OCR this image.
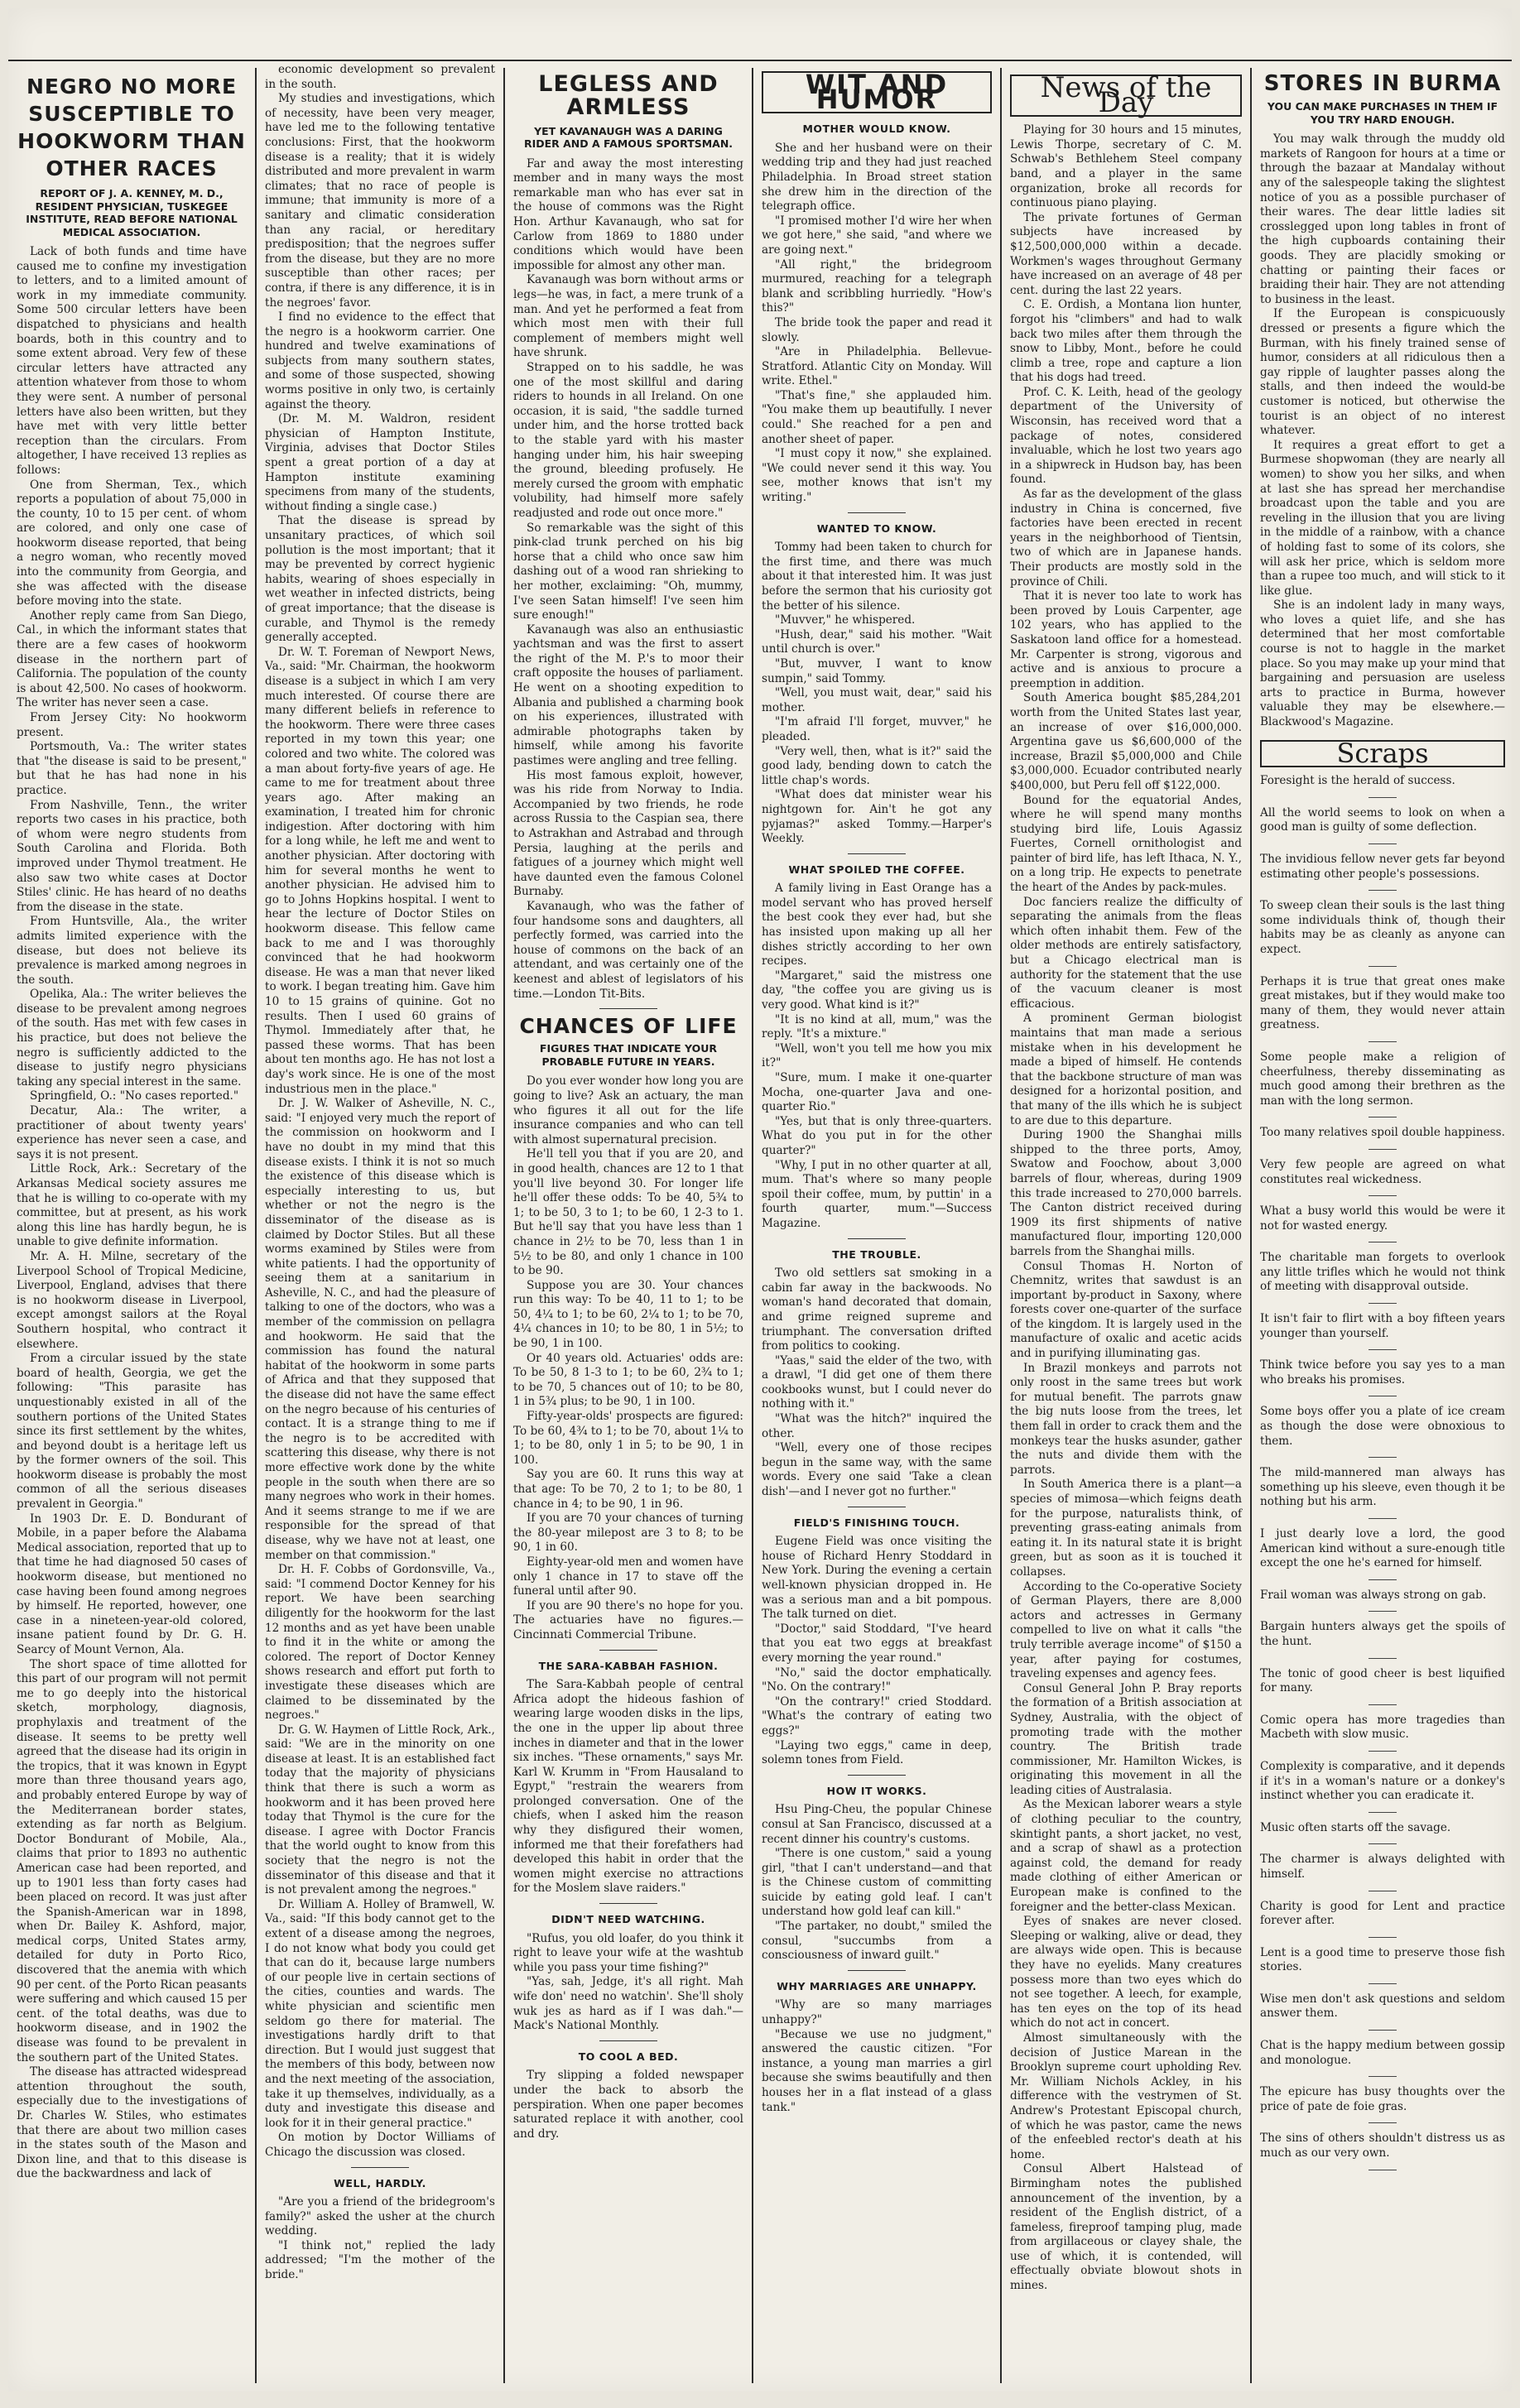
NEGRO NO MORE SUSCEPTIBLE TO HOOKWORM THAN OTHER RACES
REPORT OF J. A. KENNEY, M. D., RESIDENT PHYSICIAN, TUSKEGEE INSTITUTE, READ BEFORE NATIONAL MEDICAL ASSOCIATION.

Lack of both funds and time have caused me to confine my investigation to letters, and to a limited amount of work in my immediate community. Some 500 circular letters have been dispatched to physicians and health boards, both in this country and to some extent abroad. Very few of these circular letters have attracted any attention whatever from those to whom they were sent. A number of personal letters have also been written, but they have met with very little better reception than the circulars. From altogether, I have received 13 replies as follows:

One from Sherman, Tex., which reports a population of about 75,000 in the county, 10 to 15 per cent. of whom are colored, and only one case of hookworm disease reported, that being a negro woman, who recently moved into the community from Georgia, and she was affected with the disease before moving into the state.

Another reply came from San Diego, Cal., in which the informant states that there are a few cases of hookworm disease in the northern part of California. The population of the county is about 42,500. No cases of hookworm. The writer has never seen a case.

From Jersey City: No hookworm present.

Portsmouth, Va.: The writer states that "the disease is said to be present," but that he has had none in his practice.

From Nashville, Tenn., the writer reports two cases in his practice, both of whom were negro students from South Carolina and Florida. Both improved under Thymol treatment. He also saw two white cases at Doctor Stiles' clinic. He has heard of no deaths from the disease in the state.

From Huntsville, Ala., the writer admits limited experience with the disease, but does not believe its prevalence is marked among negroes in the south.

Opelika, Ala.: The writer believes the disease to be prevalent among negroes of the south. Has met with few cases in his practice, but does not believe the negro is sufficiently addicted to the disease to justify negro physicians taking any special interest in the same.

Springfield, O.: "No cases reported."

Decatur, Ala.: The writer, a practitioner of about twenty years' experience has never seen a case, and says it is not present.

Little Rock, Ark.: Secretary of the Arkansas Medical society assures me that he is willing to co-operate with my committee, but at present, as his work along this line has hardly begun, he is unable to give definite information.

Mr. A. H. Milne, secretary of the Liverpool School of Tropical Medicine, Liverpool, England, advises that there is no hookworm disease in Liverpool, except amongst sailors at the Royal Southern hospital, who contract it elsewhere.

From a circular issued by the state board of health, Georgia, we get the following: "This parasite has unquestionably existed in all of the southern portions of the United States since its first settlement by the whites, and beyond doubt is a heritage left us by the former owners of the soil. This hookworm disease is probably the most common of all the serious diseases prevalent in Georgia."

In 1903 Dr. E. D. Bondurant of Mobile, in a paper before the Alabama Medical association, reported that up to that time he had diagnosed 50 cases of hookworm disease, but mentioned no case having been found among negroes by himself. He reported, however, one case in a nineteen-year-old colored, insane patient found by Dr. G. H. Searcy of Mount Vernon, Ala.

The short space of time allotted for this part of our program will not permit me to go deeply into the historical sketch, morphology, diagnosis, prophylaxis and treatment of the disease. It seems to be pretty well agreed that the disease had its origin in the tropics, that it was known in Egypt more than three thousand years ago, and probably entered Europe by way of the Mediterranean border states, extending as far north as Belgium. Doctor Bondurant of Mobile, Ala., claims that prior to 1893 no authentic American case had been reported, and up to 1901 less than forty cases had been placed on record. It was just after the Spanish-American war in 1898, when Dr. Bailey K. Ashford, major, medical corps, United States army, detailed for duty in Porto Rico, discovered that the anemia with which 90 per cent. of the Porto Rican peasants were suffering and which caused 15 per cent. of the total deaths, was due to hookworm disease, and in 1902 the disease was found to be prevalent in the southern part of the United States.

The disease has attracted widespread attention throughout the south, especially due to the investigations of Dr. Charles W. Stiles, who estimates that there are about two million cases in the states south of the Mason and Dixon line, and that to this disease is due the backwardness and lack of

economic development so prevalent in the south.

My studies and investigations, which of necessity, have been very meager, have led me to the following tentative conclusions: First, that the hookworm disease is a reality; that it is widely distributed and more prevalent in warm climates; that no race of people is immune; that immunity is more of a sanitary and climatic consideration than any racial, or hereditary predisposition; that the negroes suffer from the disease, but they are no more susceptible than other races; per contra, if there is any difference, it is in the negroes' favor.

I find no evidence to the effect that the negro is a hookworm carrier. One hundred and twelve examinations of subjects from many southern states, and some of those suspected, showing worms positive in only two, is certainly against the theory.

(Dr. M. M. Waldron, resident physician of Hampton Institute, Virginia, advises that Doctor Stiles spent a great portion of a day at Hampton institute examining specimens from many of the students, without finding a single case.)

That the disease is spread by unsanitary practices, of which soil pollution is the most important; that it may be prevented by correct hygienic habits, wearing of shoes especially in wet weather in infected districts, being of great importance; that the disease is curable, and Thymol is the remedy generally accepted.

Dr. W. T. Foreman of Newport News, Va., said: "Mr. Chairman, the hookworm disease is a subject in which I am very much interested. Of course there are many different beliefs in reference to the hookworm. There were three cases reported in my town this year; one colored and two white. The colored was a man about forty-five years of age. He came to me for treatment about three years ago. After making an examination, I treated him for chronic indigestion. After doctoring with him for a long while, he left me and went to another physician. After doctoring with him for several months he went to another physician. He advised him to go to Johns Hopkins hospital. I went to hear the lecture of Doctor Stiles on hookworm disease. This fellow came back to me and I was thoroughly convinced that he had hookworm disease. He was a man that never liked to work. I began treating him. Gave him 10 to 15 grains of quinine. Got no results. Then I used 60 grains of Thymol. Immediately after that, he passed these worms. That has been about ten months ago. He has not lost a day's work since. He is one of the most industrious men in the place."

Dr. J. W. Walker of Asheville, N. C., said: "I enjoyed very much the report of the commission on hookworm and I have no doubt in my mind that this disease exists. I think it is not so much the existence of this disease which is especially interesting to us, but whether or not the negro is the disseminator of the disease as is claimed by Doctor Stiles. But all these worms examined by Stiles were from white patients. I had the opportunity of seeing them at a sanitarium in Asheville, N. C., and had the pleasure of talking to one of the doctors, who was a member of the commission on pellagra and hookworm. He said that the commission has found the natural habitat of the hookworm in some parts of Africa and that they supposed that the disease did not have the same effect on the negro because of his centuries of contact. It is a strange thing to me if the negro is to be accredited with scattering this disease, why there is not more effective work done by the white people in the south when there are so many negroes who work in their homes. And it seems strange to me if we are responsible for the spread of that disease, why we have not at least, one member on that commission."

Dr. H. F. Cobbs of Gordonsville, Va., said: "I commend Doctor Kenney for his report. We have been searching diligently for the hookworm for the last 12 months and as yet have been unable to find it in the white or among the colored. The report of Doctor Kenney shows research and effort put forth to investigate these diseases which are claimed to be disseminated by the negroes."

Dr. G. W. Haymen of Little Rock, Ark., said: "We are in the minority on one disease at least. It is an established fact today that the majority of physicians think that there is such a worm as hookworm and it has been proved here today that Thymol is the cure for the disease. I agree with Doctor Francis that the world ought to know from this society that the negro is not the disseminator of this disease and that it is not prevalent among the negroes."

Dr. William A. Holley of Bramwell, W. Va., said: "If this body cannot get to the extent of a disease among the negroes, I do not know what body you could get that can do it, because large numbers of our people live in certain sections of the cities, counties and wards. The white physician and scientific men seldom go there for material. The investigations hardly drift to that direction. But I would just suggest that the members of this body, between now and the next meeting of the association, take it up themselves, individually, as a duty and investigate this disease and look for it in their general practice."

On motion by Doctor Williams of Chicago the discussion was closed.

WELL, HARDLY.

"Are you a friend of the bridegroom's family?" asked the usher at the church wedding.

"I think not," replied the lady addressed; "I'm the mother of the bride."

LEGLESS AND ARMLESS
YET KAVANAUGH WAS A DARING RIDER AND A FAMOUS SPORTSMAN.

Far and away the most interesting member and in many ways the most remarkable man who has ever sat in the house of commons was the Right Hon. Arthur Kavanaugh, who sat for Carlow from 1869 to 1880 under conditions which would have been impossible for almost any other man.

Kavanaugh was born without arms or legs—he was, in fact, a mere trunk of a man. And yet he performed a feat from which most men with their full complement of members might well have shrunk.

Strapped on to his saddle, he was one of the most skillful and daring riders to hounds in all Ireland. On one occasion, it is said, "the saddle turned under him, and the horse trotted back to the stable yard with his master hanging under him, his hair sweeping the ground, bleeding profusely. He merely cursed the groom with emphatic volubility, had himself more safely readjusted and rode out once more."

So remarkable was the sight of this pink-clad trunk perched on his big horse that a child who once saw him dashing out of a wood ran shrieking to her mother, exclaiming: "Oh, mummy, I've seen Satan himself! I've seen him sure enough!"

Kavanaugh was also an enthusiastic yachtsman and was the first to assert the right of the M. P.'s to moor their craft opposite the houses of parliament. He went on a shooting expedition to Albania and published a charming book on his experiences, illustrated with admirable photographs taken by himself, while among his favorite pastimes were angling and tree felling.

His most famous exploit, however, was his ride from Norway to India. Accompanied by two friends, he rode across Russia to the Caspian sea, there to Astrakhan and Astrabad and through Persia, laughing at the perils and fatigues of a journey which might well have daunted even the famous Colonel Burnaby.

Kavanaugh, who was the father of four handsome sons and daughters, all perfectly formed, was carried into the house of commons on the back of an attendant, and was certainly one of the keenest and ablest of legislators of his time.—London Tit-Bits.

CHANCES OF LIFE
FIGURES THAT INDICATE YOUR PROBABLE FUTURE IN YEARS.

Do you ever wonder how long you are going to live? Ask an actuary, the man who figures it all out for the life insurance companies and who can tell with almost supernatural precision.

He'll tell you that if you are 20, and in good health, chances are 12 to 1 that you'll live beyond 30. For longer life he'll offer these odds: To be 40, 5¾ to 1; to be 50, 3 to 1; to be 60, 1 2-3 to 1. But he'll say that you have less than 1 chance in 2½ to be 70, less than 1 in 5½ to be 80, and only 1 chance in 100 to be 90.

Suppose you are 30. Your chances run this way: To be 40, 11 to 1; to be 50, 4¼ to 1; to be 60, 2¼ to 1; to be 70, 4¼ chances in 10; to be 80, 1 in 5½; to be 90, 1 in 100.

Or 40 years old. Actuaries' odds are: To be 50, 8 1-3 to 1; to be 60, 2¾ to 1; to be 70, 5 chances out of 10; to be 80, 1 in 5¾ plus; to be 90, 1 in 100.

Fifty-year-olds' prospects are figured: To be 60, 4¾ to 1; to be 70, about 1¼ to 1; to be 80, only 1 in 5; to be 90, 1 in 100.

Say you are 60. It runs this way at that age: To be 70, 2 to 1; to be 80, 1 chance in 4; to be 90, 1 in 96.

If you are 70 your chances of turning the 80-year milepost are 3 to 8; to be 90, 1 in 60.

Eighty-year-old men and women have only 1 chance in 17 to stave off the funeral until after 90.

If you are 90 there's no hope for you. The actuaries have no figures.—Cincinnati Commercial Tribune.

THE SARA-KABBAH FASHION.

The Sara-Kabbah people of central Africa adopt the hideous fashion of wearing large wooden disks in the lips, the one in the upper lip about three inches in diameter and that in the lower six inches. "These ornaments," says Mr. Karl W. Krumm in "From Hausaland to Egypt," "restrain the wearers from prolonged conversation. One of the chiefs, when I asked him the reason why they disfigured their women, informed me that their forefathers had developed this habit in order that the women might exercise no attractions for the Moslem slave raiders."

DIDN'T NEED WATCHING.

"Rufus, you old loafer, do you think it right to leave your wife at the washtub while you pass your time fishing?"

"Yas, sah, Jedge, it's all right. Mah wife don' need no watchin'. She'll sholy wuk jes as hard as if I was dah."—Mack's National Monthly.

TO COOL A BED.

Try slipping a folded newspaper under the back to absorb the perspiration. When one paper becomes saturated replace it with another, cool and dry.

WIT AND HUMOR
MOTHER WOULD KNOW.

She and her husband were on their wedding trip and they had just reached Philadelphia. In Broad street station she drew him in the direction of the telegraph office.

"I promised mother I'd wire her when we got here," she said, "and where we are going next."

"All right," the bridegroom murmured, reaching for a telegraph blank and scribbling hurriedly. "How's this?"

The bride took the paper and read it slowly.

"Are in Philadelphia. Bellevue-Stratford. Atlantic City on Monday. Will write. Ethel."

"That's fine," she applauded him. "You make them up beautifully. I never could." She reached for a pen and another sheet of paper.

"I must copy it now," she explained. "We could never send it this way. You see, mother knows that isn't my writing."

WANTED TO KNOW.

Tommy had been taken to church for the first time, and there was much about it that interested him. It was just before the sermon that his curiosity got the better of his silence.

"Muvver," he whispered.

"Hush, dear," said his mother. "Wait until church is over."

"But, muvver, I want to know sumpin," said Tommy.

"Well, you must wait, dear," said his mother.

"I'm afraid I'll forget, muvver," he pleaded.

"Very well, then, what is it?" said the good lady, bending down to catch the little chap's words.

"What does dat minister wear his nightgown for. Ain't he got any pyjamas?" asked Tommy.—Harper's Weekly.

WHAT SPOILED THE COFFEE.

A family living in East Orange has a model servant who has proved herself the best cook they ever had, but she has insisted upon making up all her dishes strictly according to her own recipes.

"Margaret," said the mistress one day, "the coffee you are giving us is very good. What kind is it?"

"It is no kind at all, mum," was the reply. "It's a mixture."

"Well, won't you tell me how you mix it?"

"Sure, mum. I make it one-quarter Mocha, one-quarter Java and one-quarter Rio."

"Yes, but that is only three-quarters. What do you put in for the other quarter?"

"Why, I put in no other quarter at all, mum. That's where so many people spoil their coffee, mum, by puttin' in a fourth quarter, mum."—Success Magazine.

THE TROUBLE.

Two old settlers sat smoking in a cabin far away in the backwoods. No woman's hand decorated that domain, and grime reigned supreme and triumphant. The conversation drifted from politics to cooking.

"Yaas," said the elder of the two, with a drawl, "I did get one of them there cookbooks wunst, but I could never do nothing with it."

"What was the hitch?" inquired the other.

"Well, every one of those recipes begun in the same way, with the same words. Every one said 'Take a clean dish'—and I never got no further."

FIELD'S FINISHING TOUCH.

Eugene Field was once visiting the house of Richard Henry Stoddard in New York. During the evening a certain well-known physician dropped in. He was a serious man and a bit pompous. The talk turned on diet.

"Doctor," said Stoddard, "I've heard that you eat two eggs at breakfast every morning the year round."

"No," said the doctor emphatically. "No. On the contrary!"

"On the contrary!" cried Stoddard. "What's the contrary of eating two eggs?"

"Laying two eggs," came in deep, solemn tones from Field.

HOW IT WORKS.

Hsu Ping-Cheu, the popular Chinese consul at San Francisco, discussed at a recent dinner his country's customs.

"There is one custom," said a young girl, "that I can't understand—and that is the Chinese custom of committing suicide by eating gold leaf. I can't understand how gold leaf can kill."

"The partaker, no doubt," smiled the consul, "succumbs from a consciousness of inward guilt."

WHY MARRIAGES ARE UNHAPPY.

"Why are so many marriages unhappy?"

"Because we use no judgment," answered the caustic citizen. "For instance, a young man marries a girl because she swims beautifully and then houses her in a flat instead of a glass tank."

News of the Day

Playing for 30 hours and 15 minutes, Lewis Thorpe, secretary of C. M. Schwab's Bethlehem Steel company band, and a player in the same organization, broke all records for continuous piano playing.

The private fortunes of German subjects have increased by $12,500,000,000 within a decade. Workmen's wages throughout Germany have increased on an average of 48 per cent. during the last 22 years.

C. E. Ordish, a Montana lion hunter, forgot his "climbers" and had to walk back two miles after them through the snow to Libby, Mont., before he could climb a tree, rope and capture a lion that his dogs had treed.

Prof. C. K. Leith, head of the geology department of the University of Wisconsin, has received word that a package of notes, considered invaluable, which he lost two years ago in a shipwreck in Hudson bay, has been found.

As far as the development of the glass industry in China is concerned, five factories have been erected in recent years in the neighborhood of Tientsin, two of which are in Japanese hands. Their products are mostly sold in the province of Chili.

That it is never too late to work has been proved by Louis Carpenter, age 102 years, who has applied to the Saskatoon land office for a homestead. Mr. Carpenter is strong, vigorous and active and is anxious to procure a preemption in addition.

South America bought $85,284,201 worth from the United States last year, an increase of over $16,000,000. Argentina gave us $6,600,000 of the increase, Brazil $5,000,000 and Chile $3,000,000. Ecuador contributed nearly $400,000, but Peru fell off $122,000.

Bound for the equatorial Andes, where he will spend many months studying bird life, Louis Agassiz Fuertes, Cornell ornithologist and painter of bird life, has left Ithaca, N. Y., on a long trip. He expects to penetrate the heart of the Andes by pack-mules.

Doc fanciers realize the difficulty of separating the animals from the fleas which often inhabit them. Few of the older methods are entirely satisfactory, but a Chicago electrical man is authority for the statement that the use of the vacuum cleaner is most efficacious.

A prominent German biologist maintains that man made a serious mistake when in his development he made a biped of himself. He contends that the backbone structure of man was designed for a horizontal position, and that many of the ills which he is subject to are due to this departure.

During 1900 the Shanghai mills shipped to the three ports, Amoy, Swatow and Foochow, about 3,000 barrels of flour, whereas, during 1909 this trade increased to 270,000 barrels. The Canton district received during 1909 its first shipments of native manufactured flour, importing 120,000 barrels from the Shanghai mills.

Consul Thomas H. Norton of Chemnitz, writes that sawdust is an important by-product in Saxony, where forests cover one-quarter of the surface of the kingdom. It is largely used in the manufacture of oxalic and acetic acids and in purifying illuminating gas.

In Brazil monkeys and parrots not only roost in the same trees but work for mutual benefit. The parrots gnaw the big nuts loose from the trees, let them fall in order to crack them and the monkeys tear the husks asunder, gather the nuts and divide them with the parrots.

In South America there is a plant—a species of mimosa—which feigns death for the purpose, naturalists think, of preventing grass-eating animals from eating it. In its natural state it is bright green, but as soon as it is touched it collapses.

According to the Co-operative Society of German Players, there are 8,000 actors and actresses in Germany compelled to live on what it calls "the truly terrible average income" of $150 a year, after paying for costumes, traveling expenses and agency fees.

Consul General John P. Bray reports the formation of a British association at Sydney, Australia, with the object of promoting trade with the mother country. The British trade commissioner, Mr. Hamilton Wickes, is originating this movement in all the leading cities of Australasia.

As the Mexican laborer wears a style of clothing peculiar to the country, skintight pants, a short jacket, no vest, and a scrap of shawl as a protection against cold, the demand for ready made clothing of either American or European make is confined to the foreigner and the better-class Mexican.

Eyes of snakes are never closed. Sleeping or walking, alive or dead, they are always wide open. This is because they have no eyelids. Many creatures possess more than two eyes which do not see together. A leech, for example, has ten eyes on the top of its head which do not act in concert.

Almost simultaneously with the decision of Justice Marean in the Brooklyn supreme court upholding Rev. Mr. William Nichols Ackley, in his difference with the vestrymen of St. Andrew's Protestant Episcopal church, of which he was pastor, came the news of the enfeebled rector's death at his home.

Consul Albert Halstead of Birmingham notes the published announcement of the invention, by a resident of the English district, of a fameless, fireproof tamping plug, made from argillaceous or clayey shale, the use of which, it is contended, will effectually obviate blowout shots in mines.

STORES IN BURMA
YOU CAN MAKE PURCHASES IN THEM IF YOU TRY HARD ENOUGH.

You may walk through the muddy old markets of Rangoon for hours at a time or through the bazaar at Mandalay without any of the salespeople taking the slightest notice of you as a possible purchaser of their wares. The dear little ladies sit crosslegged upon long tables in front of the high cupboards containing their goods. They are placidly smoking or chatting or painting their faces or braiding their hair. They are not attending to business in the least.

If the European is conspicuously dressed or presents a figure which the Burman, with his finely trained sense of humor, considers at all ridiculous then a gay ripple of laughter passes along the stalls, and then indeed the would-be customer is noticed, but otherwise the tourist is an object of no interest whatever.

It requires a great effort to get a Burmese shopwoman (they are nearly all women) to show you her silks, and when at last she has spread her merchandise broadcast upon the table and you are reveling in the illusion that you are living in the middle of a rainbow, with a chance of holding fast to some of its colors, she will ask her price, which is seldom more than a rupee too much, and will stick to it like glue.

She is an indolent lady in many ways, who loves a quiet life, and she has determined that her most comfortable course is not to haggle in the market place. So you may make up your mind that bargaining and persuasion are useless arts to practice in Burma, however valuable they may be elsewhere.—Blackwood's Magazine.

Scraps

Foresight is the herald of success.

All the world seems to look on when a good man is guilty of some deflection.

The invidious fellow never gets far beyond estimating other people's possessions.

To sweep clean their souls is the last thing some individuals think of, though their habits may be as cleanly as anyone can expect.

Perhaps it is true that great ones make great mistakes, but if they would make too many of them, they would never attain greatness.

Some people make a religion of cheerfulness, thereby disseminating as much good among their brethren as the man with the long sermon.

Too many relatives spoil double happiness.

Very few people are agreed on what constitutes real wickedness.

What a busy world this would be were it not for wasted energy.

The charitable man forgets to overlook any little trifles which he would not think of meeting with disapproval outside.

It isn't fair to flirt with a boy fifteen years younger than yourself.

Think twice before you say yes to a man who breaks his promises.

Some boys offer you a plate of ice cream as though the dose were obnoxious to them.

The mild-mannered man always has something up his sleeve, even though it be nothing but his arm.

I just dearly love a lord, the good American kind without a sure-enough title except the one he's earned for himself.

Frail woman was always strong on gab.

Bargain hunters always get the spoils of the hunt.

The tonic of good cheer is best liquified for many.

Comic opera has more tragedies than Macbeth with slow music.

Complexity is comparative, and it depends if it's in a woman's nature or a donkey's instinct whether you can eradicate it.

Music often starts off the savage.

The charmer is always delighted with himself.

Charity is good for Lent and practice forever after.

Lent is a good time to preserve those fish stories.

Wise men don't ask questions and seldom answer them.

Chat is the happy medium between gossip and monologue.

The epicure has busy thoughts over the price of pate de foie gras.

The sins of others shouldn't distress us as much as our very own.
